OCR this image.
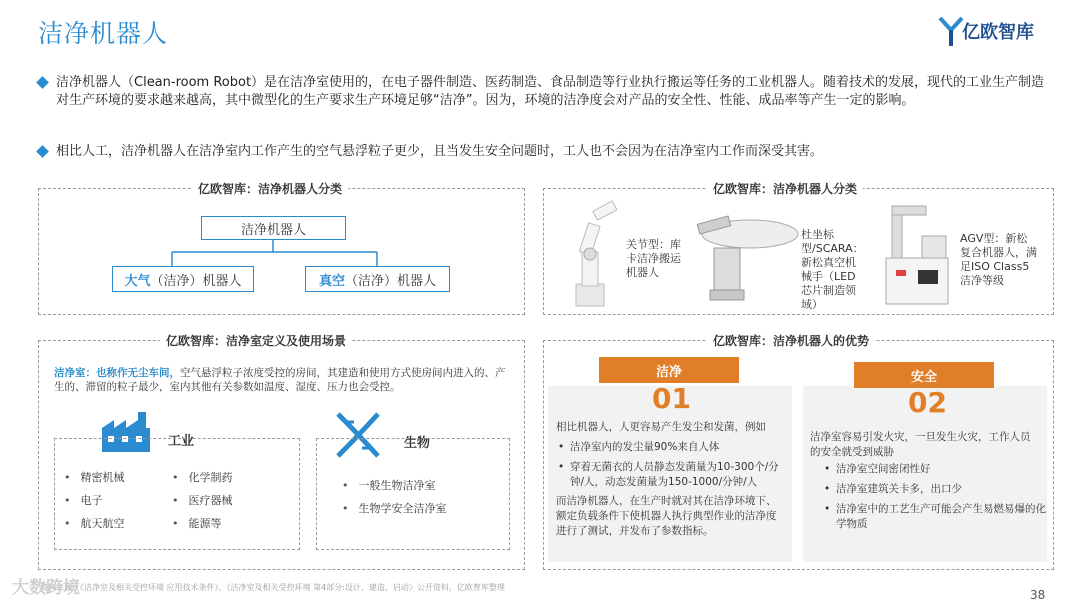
洁净机器人	亿欧智库
洁净机器人（Clean-room Robot）是在洁净室使用的，在电子器件制造、医药制造、食品制造等行业执行搬运等任务的工业机器人。随着技术的发展，现代的工业生产制造对生产环境的要求越来越高，其中微型化的生产要求生产环境足够“洁净”。因为，环境的洁净度会对产品的安全性、性能、成品率等产生一定的影响。
相比人工，洁净机器人在洁净室内工作产生的空气悬浮粒子更少，且当发生安全问题时，工人也不会因为在洁净室内工作而深受其害。
亿欧智库：洁净机器人分类
洁净机器人
大气 （洁净）机器人	真空 （洁净）机器人
亿欧智库：洁净机器人分类
关节型：库卡洁净搬运机器人
杜坐标型/SCARA：新松真空机械手（LED芯片制造领域）
AGV型：新松复合机器人，满足ISO Class5洁净等级
亿欧智库：洁净室定义及使用场景
洁净室：也称作无尘车间，空气悬浮粒子浓度受控的房间，其建造和使用方式使房间内进入的、产生的、滞留的粒子最少，室内其他有关参数如温度、湿度、压力也会受控。
工业	生物
• 精密机械
• 电子
• 航天航空
• 化学制药
• 医疗器械
• 能源等
• 一般生物洁净室
• 生物学安全洁净室
亿欧智库：洁净机器人的优势
洁净
01
相比机器人，人更容易产生发尘和发菌，例如
• 洁净室内的发尘量90%来自人体
• 穿着无菌衣的人员静态发菌量为10-300个/分钟/人，动态发菌量为150-1000/分钟/人
而洁净机器人，在生产时就对其在洁净环境下、额定负载条件下使机器人执行典型作业的洁净度进行了测试，并发布了参数指标。
安全
02
洁净室容易引发火灾，一旦发生火灾，工作人员的安全就受到威胁
• 洁净室空间密闭性好
• 洁净室建筑关卡多，出口少
• 洁净室中的工艺生产可能会产生易燃易爆的化学物质
资料来源：《洁净室及相关受控环境 应用技术条件》、《洁净室及相关受控环境 第4部分:设计、建造、启动》公开资料，亿欧智库整理
大数跨境	38
